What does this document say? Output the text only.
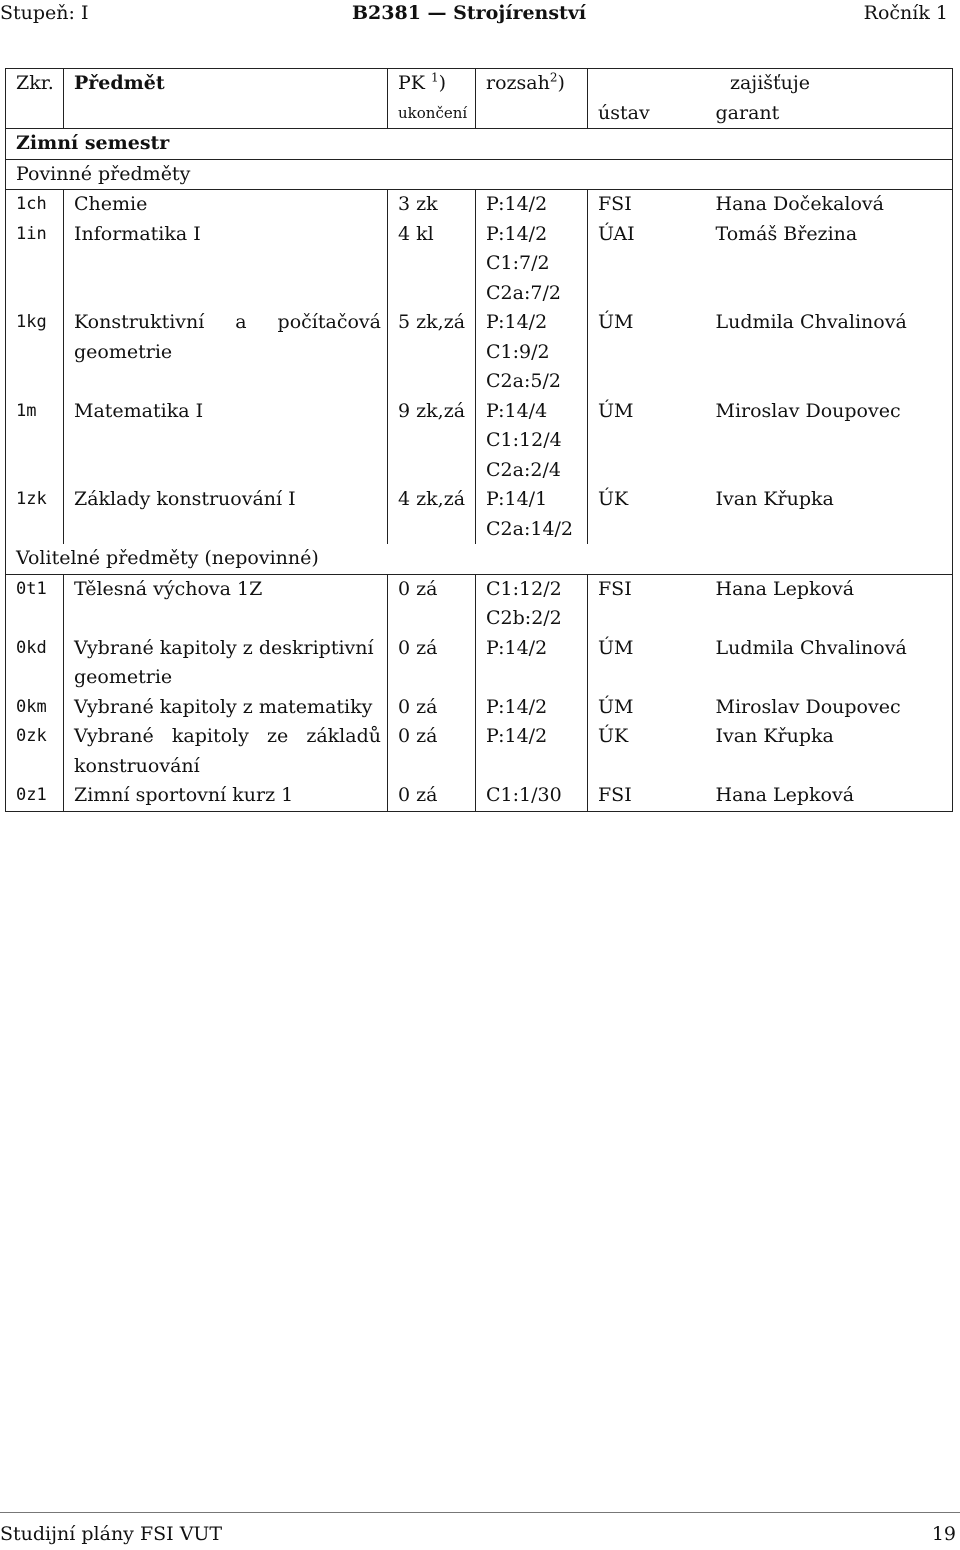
Stupeň: I	B2381 — Strojírenství	Ročník 1
Zkr.	Předmět	PK $^1$)	rozsah$^2$)	zajišťuje	
		ukončení		ústav	garant
Zimní semestr					
Povinné předměty					
1ch	Chemie	3 zk	P:14/2	FSI	Hana Dočekalová
1in	Informatika I	4 kl	P:14/2	ÚAI	Tomáš Březina
			C1:7/2		
			C2a:7/2		
1kg	Konstruktivní a počítačová	5 zk,zá	P:14/2	ÚM	Ludmila Chvalinová
	geometrie		C1:9/2		
			C2a:5/2		
1m	Matematika I	9 zk,zá	P:14/4	ÚM	Miroslav Doupovec
			C1:12/4		
			C2a:2/4		
1zk	Základy konstruování I	4 zk,zá	P:14/1	ÚK	Ivan Křupka
			C2a:14/2		
Volitelné předměty (nepovinné)					
0t1	Tělesná výchova 1Z	0 zá	C1:12/2	FSI	Hana Lepková
			C2b:2/2		
0kd	Vybrané kapitoly z deskriptivní	0 zá	P:14/2	ÚM	Ludmila Chvalinová
	geometrie				
0km	Vybrané kapitoly z matematiky	0 zá	P:14/2	ÚM	Miroslav Doupovec
0zk	Vybrané kapitoly ze základů	0 zá	P:14/2	ÚK	Ivan Křupka
	konstruování				
0z1	Zimní sportovní kurz 1	0 zá	C1:1/30	FSI	Hana Lepková
Studijní plány FSI VUT	19
